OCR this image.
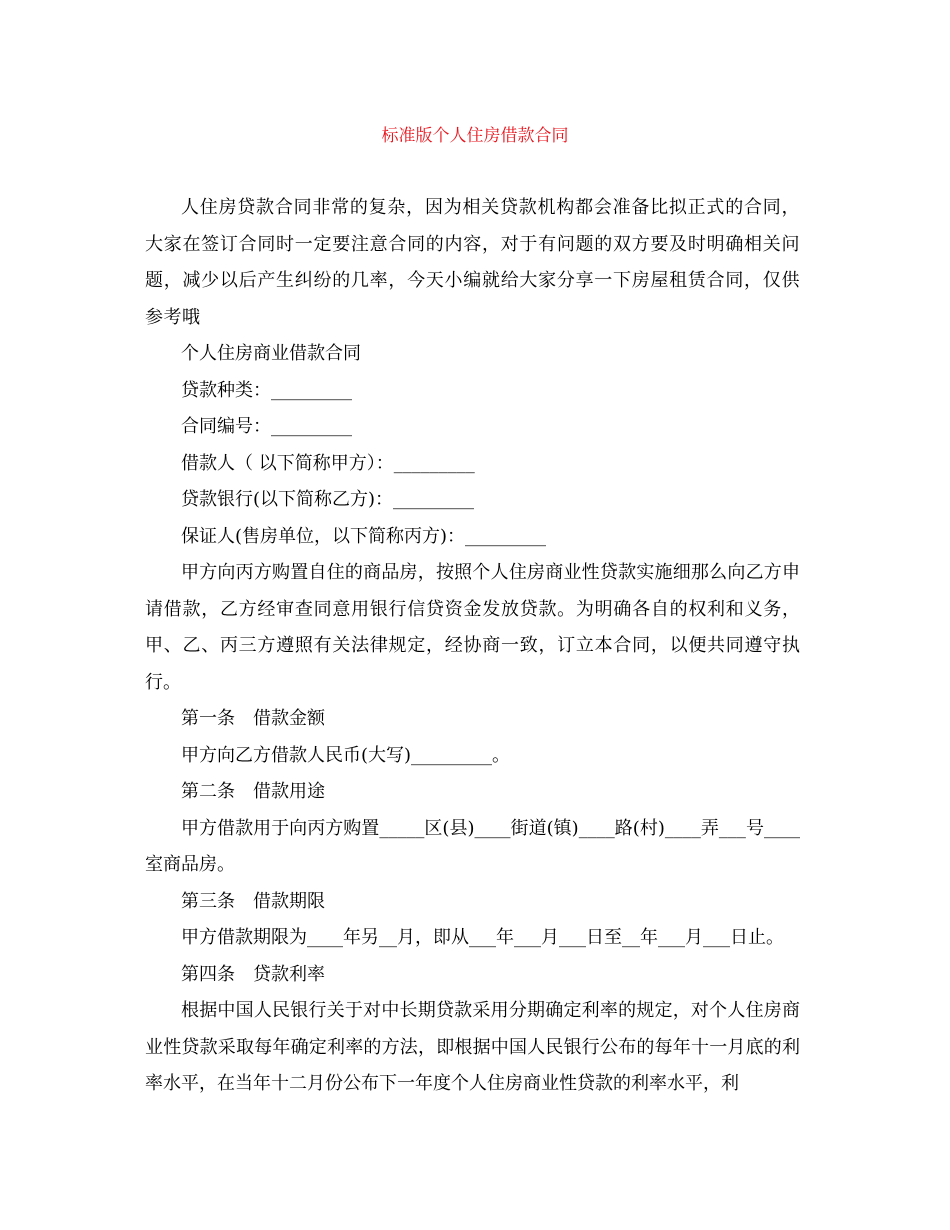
标准版个人住房借款合同

人住房贷款合同非常的复杂，因为相关贷款机构都会准备比拟正式的合同，大家在签订合同时一定要注意合同的内容，对于有问题的双方要及时明确相关问题，减少以后产生纠纷的几率，今天小编就给大家分享一下房屋租赁合同，仅供参考哦

个人住房商业借款合同

贷款种类：_________

合同编号：_________

借款人（ 以下简称甲方）：_________

贷款银行(以下简称乙方)：_________

保证人(售房单位，以下简称丙方)：_________

甲方向丙方购置自住的商品房，按照个人住房商业性贷款实施细那么向乙方申请借款，乙方经审查同意用银行信贷资金发放贷款。为明确各自的权利和义务，甲、乙、丙三方遵照有关法律规定，经协商一致，订立本合同，以便共同遵守执行。

第一条　借款金额

甲方向乙方借款人民币(大写)_________。

第二条　借款用途

甲方借款用于向丙方购置_____区(县)____街道(镇)____路(村)____弄___号____室商品房。

第三条　借款期限

甲方借款期限为____年另__月，即从___年___月___日至__年___月___日止。

第四条　贷款利率

根据中国人民银行关于对中长期贷款采用分期确定利率的规定，对个人住房商业性贷款采取每年确定利率的方法，即根据中国人民银行公布的每年十一月底的利率水平，在当年十二月份公布下一年度个人住房商业性贷款的利率水平，利
